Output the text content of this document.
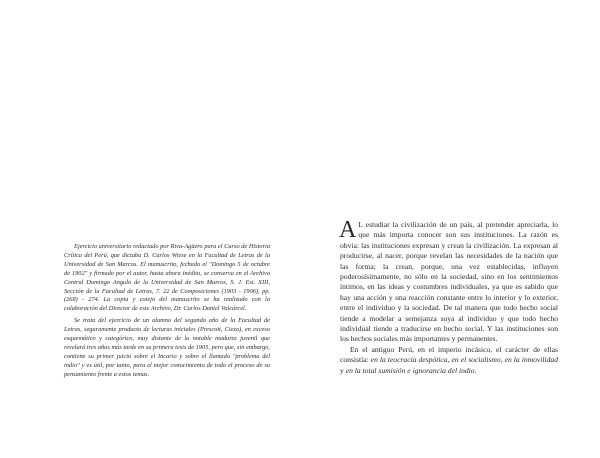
Ejercicio universitario redactado por Riva-Agüero para el Curso de Historia Crítica del Perú, que dictaba D. Carlos Wiese en la Facultad de Letras de la Universidad de San Marcos. El manuscrito, fechado el "Domingo 5 de octubre de 1902" y firmado por el autor, hasta ahora inédito, se conserva en el Archivo Central Domingo Angulo de la Universidad de San Marcos, S. J. Est. XIII, Sección de la Facultad de Letras, 7. 22 de Composiciones (1903 - 1906), pp. (268) - 274. La copia y cotejo del manuscrito se ha realizado con la colaboración del Director de este Archivo, Dr. Carlos Daniel Valcárcel.

Se trata del ejercicio de un alumno del segundo año de la Facultad de Letras, seguramente producto de lecturas iniciales (Prescott, Cieza), en exceso esquemático y categórico, muy distante de la notable madurez juvenil que revelará tres años más tarde en su primera tesis de 1905, pero que, sin embargo, contiene su primer juicio sobre el Incario y sobre el llamado "problema del indio" y es útil, por tanto, para el mejor conocimiento de todo el proceso de su pensamiento frente a estos temas.

A L estudiar la civilización de un país, al pretender apreciarla, lo que más importa conocer son sus instituciones. La razón es obvia: las instituciones expresan y crean la civilización. La expresan al producirse, al nacer, porque revelan las necesidades de la nación que las forma; la crean, porque, una vez establecidas, influyen poderosísimamente, no sólo en la sociedad, sino en los sentimientos íntimos, en las ideas y costumbres individuales, ya que es sabido que hay una acción y una reacción constante entre lo interior y lo exterior, entre el individuo y la sociedad. De tal manera que todo hecho social tiende a modelar a semejanza suya al individuo y que todo hecho individual tiende a traducirse en hecho social. Y las instituciones son los hechos sociales más importantes y permanentes.

En el antiguo Perú, en el imperio incásico, el carácter de ellas consistía: en la teocracia despótica, en el socialismo, en la inmovilidad y en la total sumisión e ignorancia del indio.
